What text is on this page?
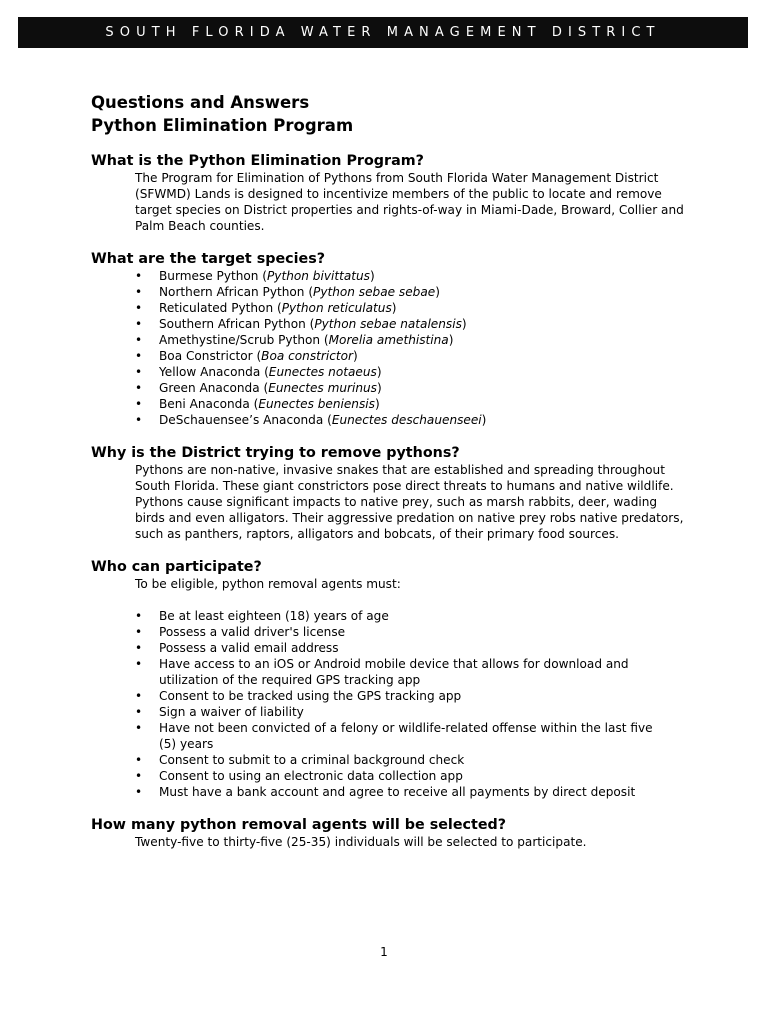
SOUTH FLORIDA WATER MANAGEMENT DISTRICT
Questions and Answers
Python Elimination Program
What is the Python Elimination Program?

The Program for Elimination of Pythons from South Florida Water Management District (SFWMD) Lands is designed to incentivize members of the public to locate and remove target species on District properties and rights-of-way in Miami-Dade, Broward, Collier and Palm Beach counties.

What are the target species?
• Burmese Python (Python bivittatus)
• Northern African Python (Python sebae sebae)
• Reticulated Python (Python reticulatus)
• Southern African Python (Python sebae natalensis)
• Amethystine/Scrub Python (Morelia amethistina)
• Boa Constrictor (Boa constrictor)
• Yellow Anaconda (Eunectes notaeus)
• Green Anaconda (Eunectes murinus)
• Beni Anaconda (Eunectes beniensis)
• DeSchauensee’s Anaconda (Eunectes deschauenseei)
Why is the District trying to remove pythons?

Pythons are non-native, invasive snakes that are established and spreading throughout South Florida. These giant constrictors pose direct threats to humans and native wildlife. Pythons cause significant impacts to native prey, such as marsh rabbits, deer, wading birds and even alligators. Their aggressive predation on native prey robs native predators, such as panthers, raptors, alligators and bobcats, of their primary food sources.

Who can participate?

To be eligible, python removal agents must:

• Be at least eighteen (18) years of age
• Possess a valid driver's license
• Possess a valid email address
• Have access to an iOS or Android mobile device that allows for download and utilization of the required GPS tracking app
• Consent to be tracked using the GPS tracking app
• Sign a waiver of liability
• Have not been convicted of a felony or wildlife-related offense within the last five (5) years
• Consent to submit to a criminal background check
• Consent to using an electronic data collection app
• Must have a bank account and agree to receive all payments by direct deposit
How many python removal agents will be selected?

Twenty-five to thirty-five (25-35) individuals will be selected to participate.

1
